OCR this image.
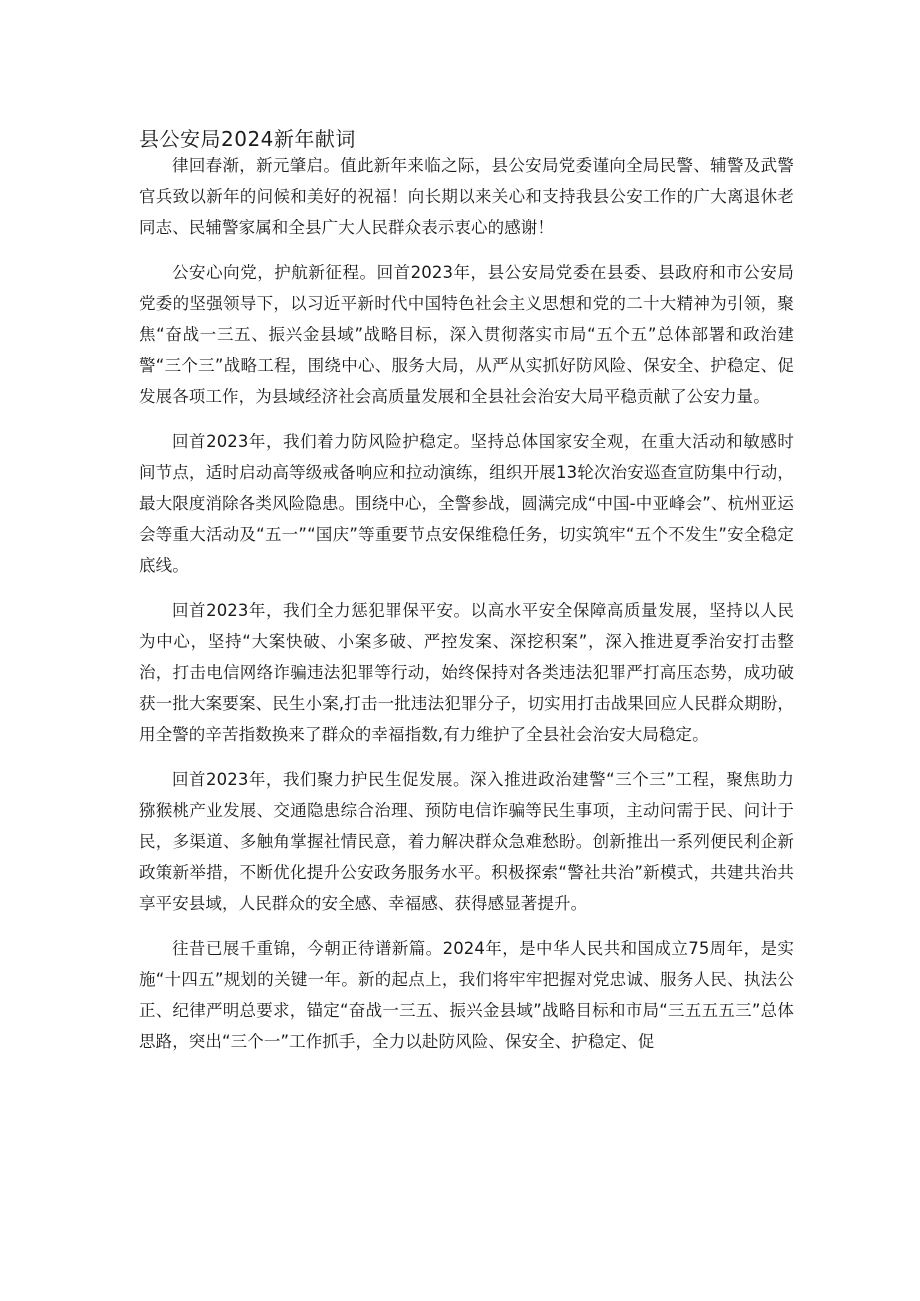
县公安局2024新年献词

律回春渐，新元肇启。值此新年来临之际，县公安局党委谨向全局民警、辅警及武警官兵致以新年的问候和美好的祝福！向长期以来关心和支持我县公安工作的广大离退休老同志、民辅警家属和全县广大人民群众表示衷心的感谢！

公安心向党，护航新征程。回首2023年，县公安局党委在县委、县政府和市公安局党委的坚强领导下，以习近平新时代中国特色社会主义思想和党的二十大精神为引领，聚焦“奋战一三五、振兴金县域”战略目标，深入贯彻落实市局“五个五”总体部署和政治建警“三个三”战略工程，围绕中心、服务大局，从严从实抓好防风险、保安全、护稳定、促发展各项工作，为县域经济社会高质量发展和全县社会治安大局平稳贡献了公安力量。

回首2023年，我们着力防风险护稳定。坚持总体国家安全观，在重大活动和敏感时间节点，适时启动高等级戒备响应和拉动演练，组织开展13轮次治安巡查宣防集中行动，最大限度消除各类风险隐患。围绕中心，全警参战，圆满完成“中国-中亚峰会”、杭州亚运会等重大活动及“五一”“国庆”等重要节点安保维稳任务，切实筑牢“五个不发生”安全稳定底线。

回首2023年，我们全力惩犯罪保平安。以高水平安全保障高质量发展，坚持以人民为中心，坚持“大案快破、小案多破、严控发案、深挖积案”，深入推进夏季治安打击整治，打击电信网络诈骗违法犯罪等行动，始终保持对各类违法犯罪严打高压态势，成功破获一批大案要案、民生小案,打击一批违法犯罪分子，切实用打击战果回应人民群众期盼，用全警的辛苦指数换来了群众的幸福指数,有力维护了全县社会治安大局稳定。

回首2023年，我们聚力护民生促发展。深入推进政治建警“三个三”工程，聚焦助力猕猴桃产业发展、交通隐患综合治理、预防电信诈骗等民生事项，主动问需于民、问计于民，多渠道、多触角掌握社情民意，着力解决群众急难愁盼。创新推出一系列便民利企新政策新举措，不断优化提升公安政务服务水平。积极探索“警社共治”新模式，共建共治共享平安县域，人民群众的安全感、幸福感、获得感显著提升。

往昔已展千重锦，今朝正待谱新篇。2024年，是中华人民共和国成立75周年，是实施“十四五”规划的关键一年。新的起点上，我们将牢牢把握对党忠诚、服务人民、执法公正、纪律严明总要求，锚定“奋战一三五、振兴金县域”战略目标和市局“三五五五三”总体思路，突出“三个一”工作抓手，全力以赴防风险、保安全、护稳定、促
